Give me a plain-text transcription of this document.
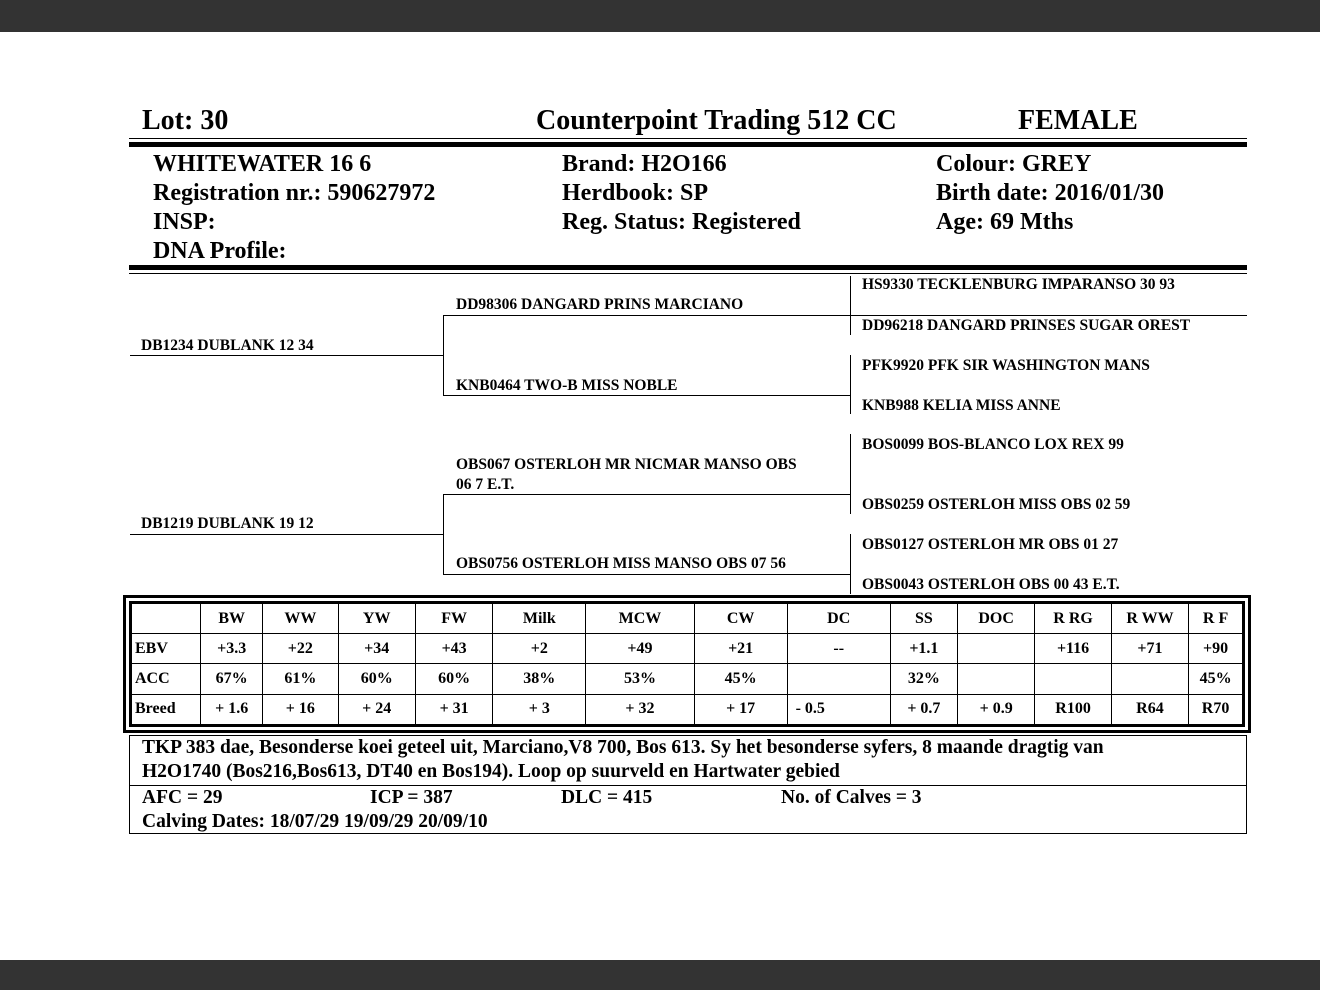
Lot: 30	Counterpoint Trading 512 CC	FEMALE
WHITEWATER 16 6
Registration nr.: 590627972
INSP:
DNA Profile:
Brand: H2O166
Herdbook: SP
Reg. Status: Registered
Colour: GREY
Birth date: 2016/01/30
Age: 69 Mths
DB1234 DUBLANK 12 34
DB1219 DUBLANK 19 12
DD98306 DANGARD PRINS MARCIANO
KNB0464 TWO-B MISS NOBLE
OBS067 OSTERLOH MR NICMAR MANSO OBS
06 7 E.T.
OBS0756 OSTERLOH MISS MANSO OBS 07 56
HS9330 TECKLENBURG IMPARANSO 30 93
DD96218 DANGARD PRINSES SUGAR OREST
PFK9920 PFK SIR WASHINGTON MANS
KNB988 KELIA MISS ANNE
BOS0099 BOS-BLANCO LOX REX 99
OBS0259 OSTERLOH MISS OBS 02 59
OBS0127 OSTERLOH MR OBS 01 27
OBS0043 OSTERLOH OBS 00 43 E.T.
	BW	WW	YW	FW	Milk	MCW	CW	DC	SS	DOC	R RG	R WW	R F
EBV	+3.3	+22	+34	+43	+2	+49	+21	--	+1.1		+116	+71	+90
ACC	67%	61%	60%	60%	38%	53%	45%		32%				45%
Breed	+ 1.6	+ 16	+ 24	+ 31	+ 3	+ 32	+ 17	- 0.5	+ 0.7	+ 0.9	R100	R64	R70
TKP 383 dae, Besonderse koei geteel uit, Marciano,V8 700, Bos 613. Sy het besonderse syfers, 8 maande dragtig van
H2O1740 (Bos216,Bos613, DT40 en Bos194). Loop op suurveld en Hartwater gebied
AFC = 29	ICP = 387	DLC = 415	No. of Calves = 3
Calving Dates: 18/07/29 19/09/29 20/09/10
